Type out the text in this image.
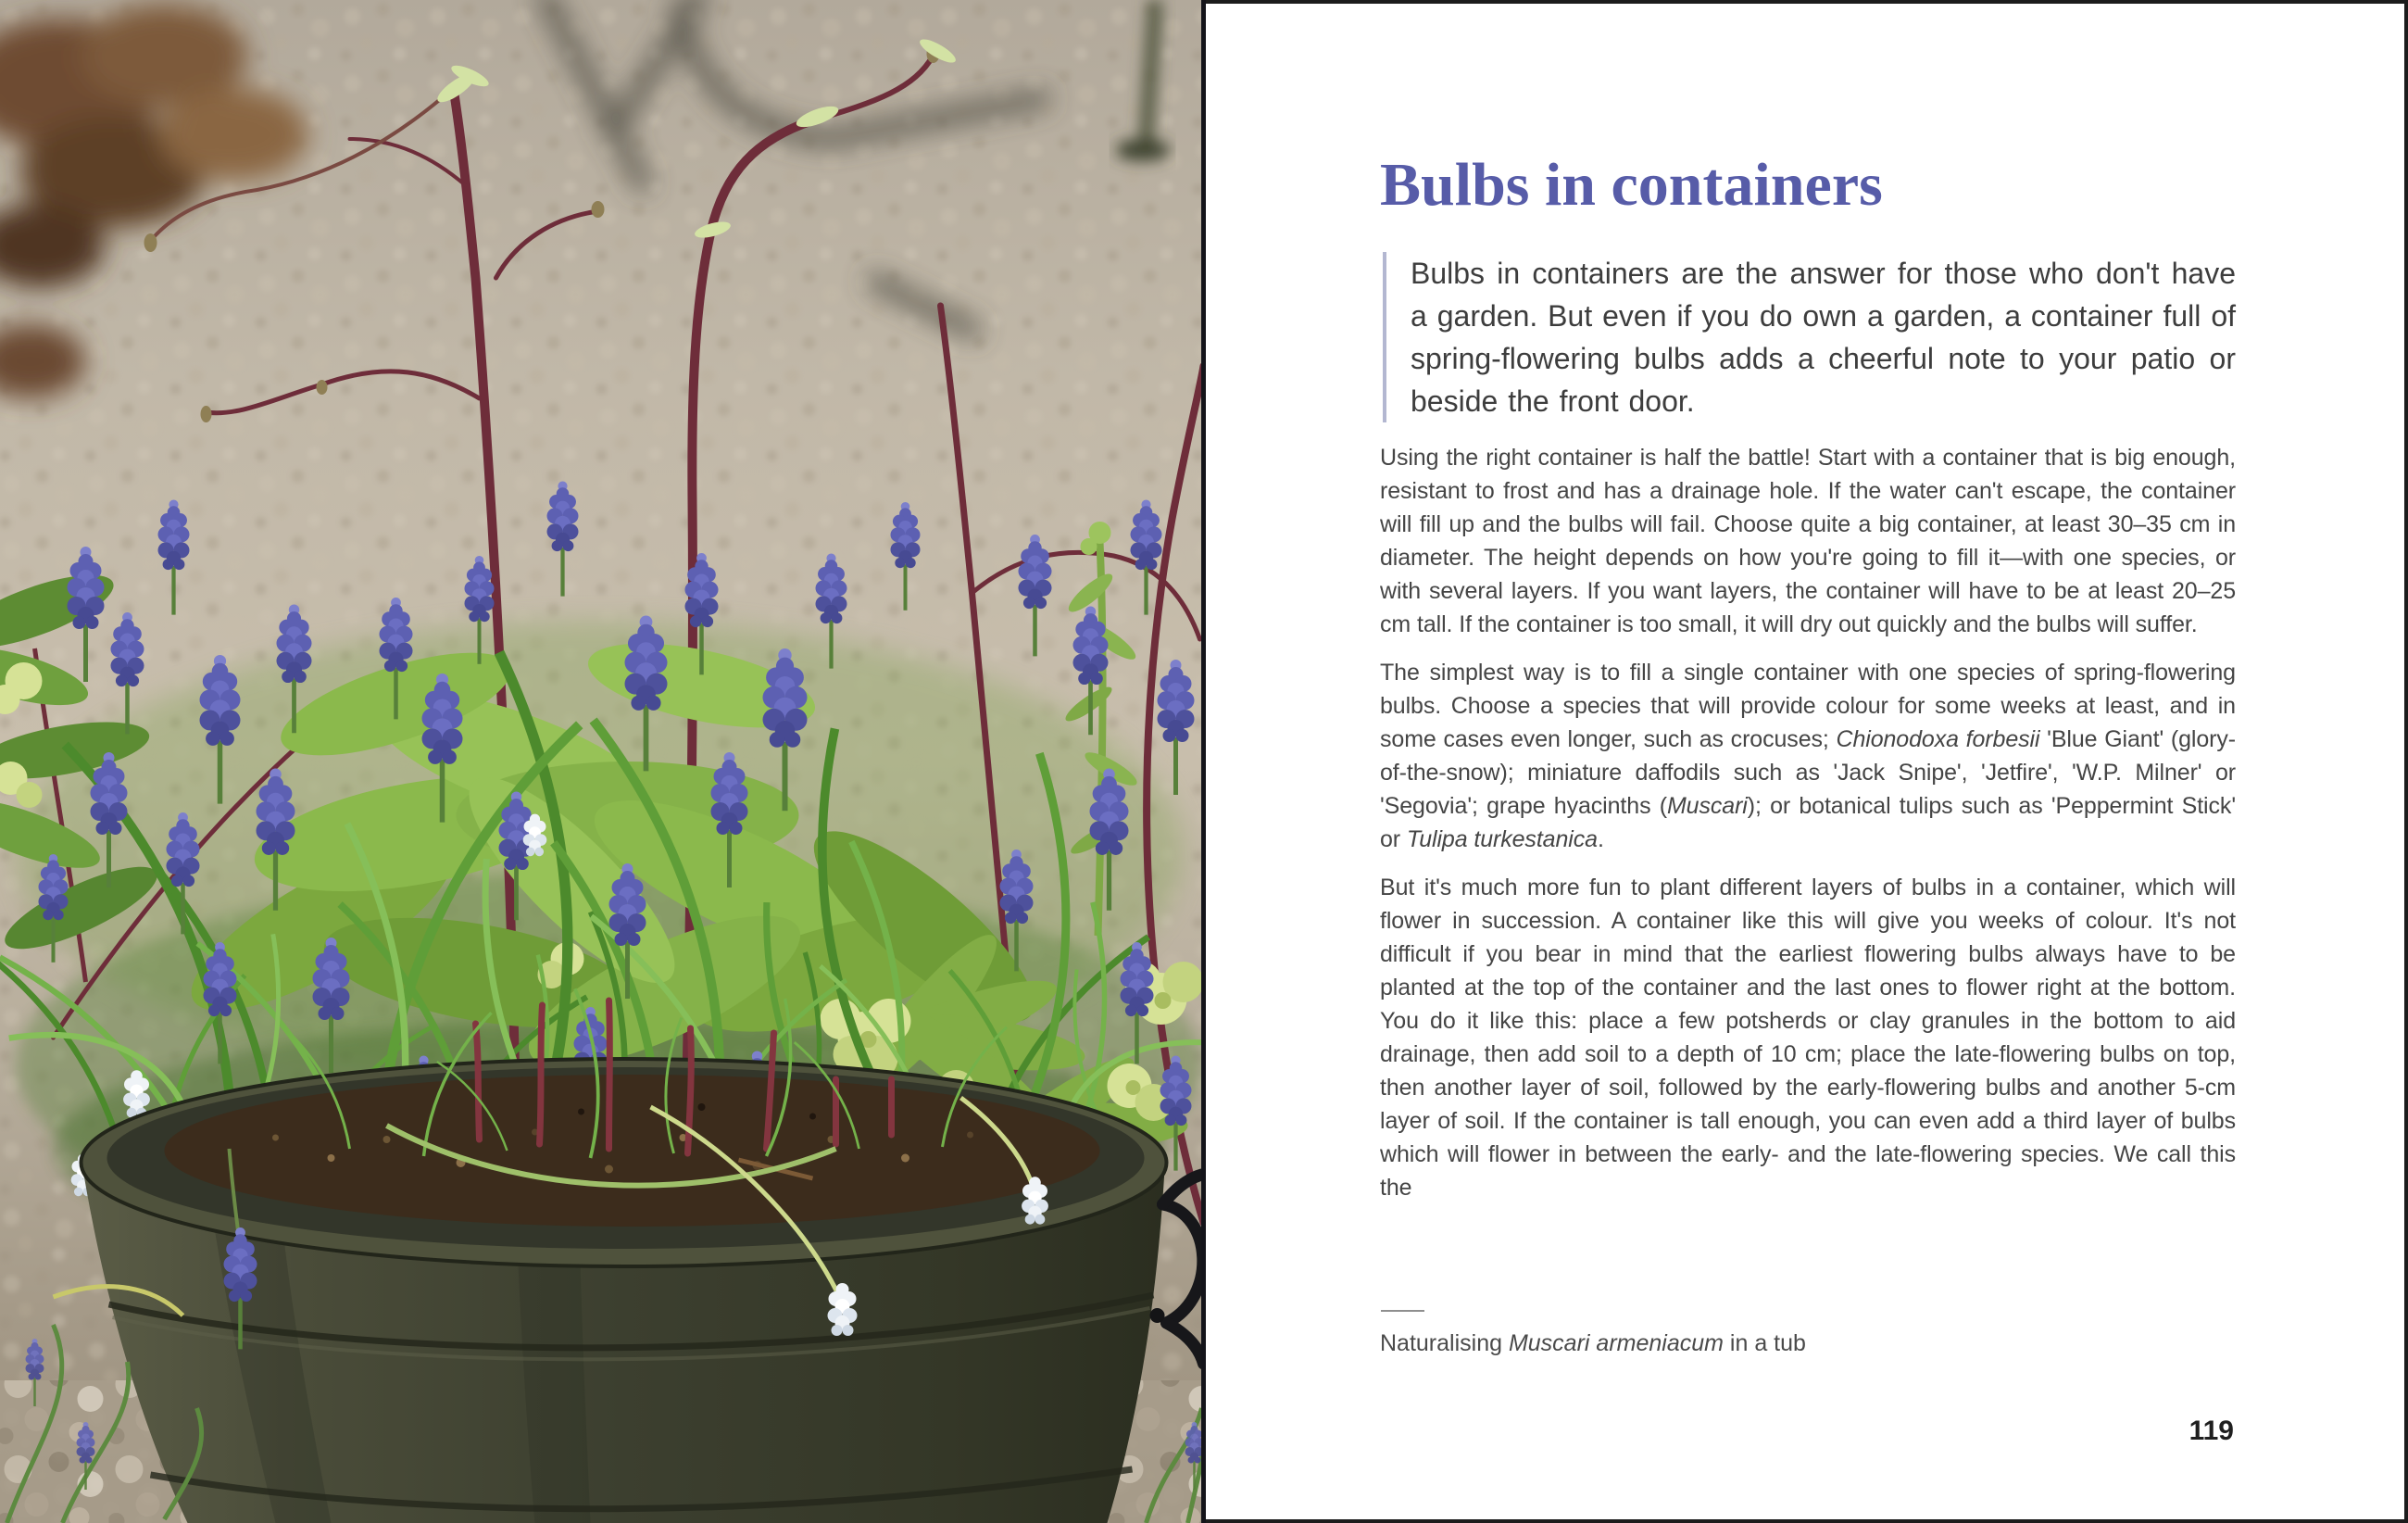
Bulbs in containers

Bulbs in containers are the answer for those who don't have a garden. But even if you do own a garden, a container full of spring-flowering bulbs adds a cheerful note to your patio or beside the front door.

Using the right container is half the battle! Start with a container that is big enough, resistant to frost and has a drainage hole. If the water can't escape, the container will fill up and the bulbs will fail. Choose quite a big container, at least 30–35 cm in diameter. The height depends on how you're going to fill it—with one species, or with several layers. If you want layers, the container will have to be at least 20–25 cm tall. If the container is too small, it will dry out quickly and the bulbs will suffer.

The simplest way is to fill a single container with one species of spring-flowering bulbs. Choose a species that will provide colour for some weeks at least, and in some cases even longer, such as crocuses; Chionodoxa forbesii 'Blue Giant' (glory-of-the-snow); miniature daffodils such as 'Jack Snipe', 'Jetfire', 'W.P. Milner' or 'Segovia'; grape hyacinths (Muscari); or botanical tulips such as 'Peppermint Stick' or Tulipa turkestanica.

But it's much more fun to plant different layers of bulbs in a container, which will flower in succession. A container like this will give you weeks of colour. It's not difficult if you bear in mind that the earliest flowering bulbs always have to be planted at the top of the container and the last ones to flower right at the bottom. You do it like this: place a few potsherds or clay granules in the bottom to aid drainage, then add soil to a depth of 10 cm; place the late-flowering bulbs on top, then another layer of soil, followed by the early-flowering bulbs and another 5-cm layer of soil. If the container is tall enough, you can even add a third layer of bulbs which will flower in between the early- and the late-flowering species. We call this the

Naturalising Muscari armeniacum in a tub
119
